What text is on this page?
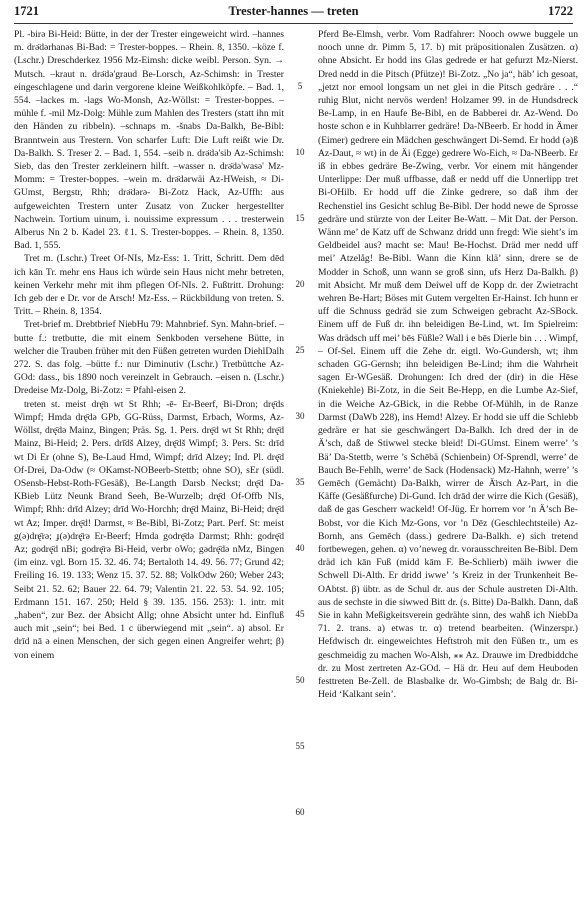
1721	Trester-hannes — treten	1722

Pl. -birə Bi-Heid: Bütte, in der der Trester eingeweicht wird. –hannes m. drə̈dərhanəs Bi-Bad: = Trester-boppes. – Rhein. 8, 1350. –köze f. (Lschr.) Dreschderkez 1956 Mz-Eimsh: dicke weibl. Person. Syn. → Mutsch. –kraut n. drə̈də'graud Be-Lorsch, Az-Schimsh: in Trester eingeschlagene und darin vergorene kleine Weißkohlköpfe. – Bad. 1, 554. –lackes m. -lags Wo-Monsh, Az-Wöllst: = Trester-boppes. –mühle f. -mil Mz-Dolg: Mühle zum Mahlen des Tresters (statt ihn mit den Händen zu ribbeln). –schnaps m. -šnabs Da-Balkh, Be-Bibl: Branntwein aus Trestern. Von scharfer Luft: Die Luft reißt wie Dr. Da-Balkh. S. Treser 2. – Bad. 1, 554. –seib n. drə̈də'sib Az-Schimsh: Sieb, das den Trester zerkleinern hilft. –wasser n. drə̈də'wasə' Mz-Momm: = Trester-boppes. –wein m. drə̈dərwäi Az-HWeish, ≈ Di-GUmst, Bergstr, Rhh; drə̈dərə- Bi-Zotz Hack, Az-Uffh: aus aufgeweichten Trestern unter Zusatz von Zucker hergestellter Nachwein. Tortium uinum, i. nouissime expressum . . . tresterwein Alberus Nn 2 b. Kadel 23. ℓ1. S. Trester-boppes. – Rhein. 8, 1350. Bad. 1, 555.

Tret m. (Lschr.) Treet Of-NIs, Mz-Ess: 1. Tritt, Schritt. Dem dēd ich kān Tr. mehr ens Haus ich würde sein Haus nicht mehr betreten, keinen Verkehr mehr mit ihm pflegen Of-NIs. 2. Fußtritt. Drohung: Ich geb der e Dr. vor de Arsch! Mz-Ess. – Rückbildung von treten. S. Tritt. – Rhein. 8, 1354.

Tret-brief m. Drebtbrief NiebHu 79: Mahnbrief. Syn. Mahn-brief. –butte f.: tretbutte, die mit einem Senkboden versehene Bütte, in welcher die Trauben früher mit den Füßen getreten wurden DiehlDalh 272. S. das folg. –bütte f.: nur Diminutiv (Lschr.) Tretbüttche Az-GOd: dass., bis 1890 noch vereinzelt in Gebrauch. –eisen n. (Lschr.) Dredeise Mz-Dolg, Bi-Zotz: = Pfahl-eisen 2.

treten st. meist drę̄n wt St Rhh; -ē- Er-Beerf, Bi-Dron; drę̄ds Wimpf; Hmda drę̄də GPb, GG-Rüss, Darmst, Erbach, Worms, Az-Wöllst, drę̄də Mainz, Bingen; Präs. Sg. 1. Pers. drę̄d wt St Rhh; drę̄d Mainz, Bi-Heid; 2. Pers. drī̆dš Alzey, drę̄dš Wimpf; 3. Pers. St: drīd wt Di Er (ohne S), Be-Laud Hmd, Wimpf; drīd Alzey; Ind. Pl. drę̄d Of-Drei, Da-Odw (≈ OKamst-NOBeerb-Stettb; ohne SO), sEr (südl. OSensb-Hebst-Roth-FGesäß), Be-Langth Darsb Neckst; drę̄d Da-KBieb Lütz Neunk Brand Seeh, Be-Wurzelb; drę̄d Of-Offb NIs, Wimpf; Rhh: drīd Alzey; drīd Wo-Horchh; drę̄d Mainz, Bi-Heid; drę̄d wt Az; Imper. drę̄d! Darmst, ≈ Be-Bibl, Bi-Zotz; Part. Perf. St: meist g(ə)drę̄rə; ɟ(ə)drę̄rə Er-Beerf; Hmda godrę̄də Darmst; Rhh: godrę̄d Az; godrę̄d nBi; godrę̄rə Bi-Heid, verbr oWo; gədrę̄də nMz, Bingen (im einz. vgl. Born 15. 32. 46. 74; Bertaloth 14. 49. 56. 77; Grund 42; Freiling 16. 19. 133; Wenz 15. 37. 52. 88; VolkOdw 260; Weber 243; Seibt 21. 52. 62; Bauer 22. 64. 79; Valentin 21. 22. 53. 54. 92. 105; Erdmann 151. 167. 250; Held § 39. 135. 156. 253): 1. intr. mit „haben“, zur Bez. der Absicht Allg; ohne Absicht unter hd. Einfluß auch mit „sein“; bei Bed. 1 c überwiegend mit „sein“. a) absol. Er drīd nā ə einen Menschen, der sich gegen einen Angreifer wehrt; β) von einem

5
10
15
20
25
30
35
40
45
50
55
60

Pferd Be-Elmsh, verbr. Vom Radfahrer: Nooch owwe buggele un nooch unne dr. Pimm 5, 17. b) mit präpositionalen Zusätzen. α) ohne Absicht. Er hodd ins Glas gedrede er hat gefurzt Mz-Nierst. Dred nedd in die Pitsch (Pfütze)! Bi-Zotz. „No ja“, häb’ ich gesoat, „jetzt nor emool longsam un net glei in die Pitsch gedräre . . .“ ruhig Blut, nicht nervös werden! Holzamer 99. in de Hundsdreck Be-Lamp, in en Haufe Be-Bibl, en de Babberei dr. Az-Wend. Do hoste schon e in Kuhblarrer gedräre! Da-NBeerb. Er hodd in Ämer (Eimer) gedrere ein Mädchen geschwängert Di-Semd. Er hodd (ə)ß Az-Daut, ≈ wt) in de Äi (Egge) gedrere Wo-Eich, ≈ Da-NBeerb. Er iß in ebbes gedräre Be-Zwing, verbr. Vor einem mit hängender Unterlippe: Der muß uffbasse, daß er nedd uff die Unnerlipp tret Bi-OHilb. Er hodd uff die Zinke gedrere, so daß ihm der Rechenstiel ins Gesicht schlug Be-Bibl. Der hodd newe de Sprosse gedräre und stürzte von der Leiter Be-Watt. – Mit Dat. der Person. Wänn me’ de Katz uff de Schwanz dridd unn fregd: Wie sieht’s im Geldbeidel aus? macht se: Mau! Be-Hochst. Dräd mer nedd uff mei’ Atzelåg! Be-Bibl. Wann die Kinn klä’ sinn, drere se de Modder in Schoß, unn wann se groß sinn, ufs Herz Da-Balkh. β) mit Absicht. Mr muß dem Deiwel uff de Kopp dr. der Zwietracht wehren Be-Hart; Böses mit Gutem vergelten Er-Hainst. Ich hunn er uff die Schnuss gedräd sie zum Schweigen gebracht Az-SBock. Einem uff de Fuß dr. ihn beleidigen Be-Lind, wt. Im Spielreim: Was drädsch uff mei’ bēs Füßle? Wall i e bēs Dierle bin . . . Wimpf, – Of-Sel. Einem uff die Zehe dr. eigtl. Wo-Gundersh, wt; ihm schaden GG-Gernsh; ihn beleidigen Be-Lind; ihm die Wahrheit sagen Er-WGesäß. Drohungen: Ich dred der (dir) in die Hēse (Kniekehle) Bi-Zotz, in die Seit Be-Hepp, en die Lumbe Az-Sief, in die Weiche Az-GBick, in die Rebbe Of-Mühlh, in de Ranze Darmst (DaWb 228), ins Hemd! Alzey. Er hodd sie uff die Schlebb gedräre er hat sie geschwängert Da-Balkh. Ich dred der in de Ä’sch, daß de Stiwwel stecke bleid! Di-GUmst. Einem werre’ ’s Bä’ Da-Stettb, werre ’s Schēbä (Schienbein) Of-Sprendl, werre’ de Bauch Be-Fehlh, werre’ de Sack (Hodensack) Mz-Hahnh, werre’ ’s Gemēch (Gemächt) Da-Balkh, wirrer de Ä̈rsch Az-Part, in die Käffe (Gesäßfurche) Di-Gund. Ich drād der wirre die Kich (Gesäß), daß de gas Gescherr wackeld! Of-Jüg. Er horrem vor ’n Ä’sch Be-Bobst, vor die Kich Mz-Gons, vor ’n Dēz (Geschlechtsteile) Az-Bornh, ans Gemēch (dass.) gedrere Da-Balkh. e) sich tretend fortbewegen, gehen. α) vo’neweg dr. vorausschreiten Be-Bibl. Dem dräd ich kān Fuß (midd kām F. Be-Schlierb) mäih iwwer die Schwell Di-Alth. Er dridd iwwe’ ’s Kreiz in der Trunkenheit Be-OAbtst. β) übtr. as de Schul dr. aus der Schule austreten Di-Alth. aus de sechste in die siwwed Bitt dr. (s. Bitte) Da-Balkh. Dann, daß Sie in kahn Meßigkeitsverein gedrähte sinn, des wahß ich NiebDa 71. 2. trans. a) etwas tr. α) tretend bearbeiten. (Winzerspr.) Hefdwisch dr. eingeweichtes Heftstroh mit den Füßen tr., um es geschmeidig zu machen Wo-Alsh, ⁎⁎ Az. Drauwe im Dredbiddche dr. zu Most zertreten Az-GOd. – Hä dr. Heu auf dem Heuboden festtreten Be-Zell. de Blasbalke dr. Wo-Gimbsh; de Balg dr. Bi-Heid ‘Kalkant sein’.
